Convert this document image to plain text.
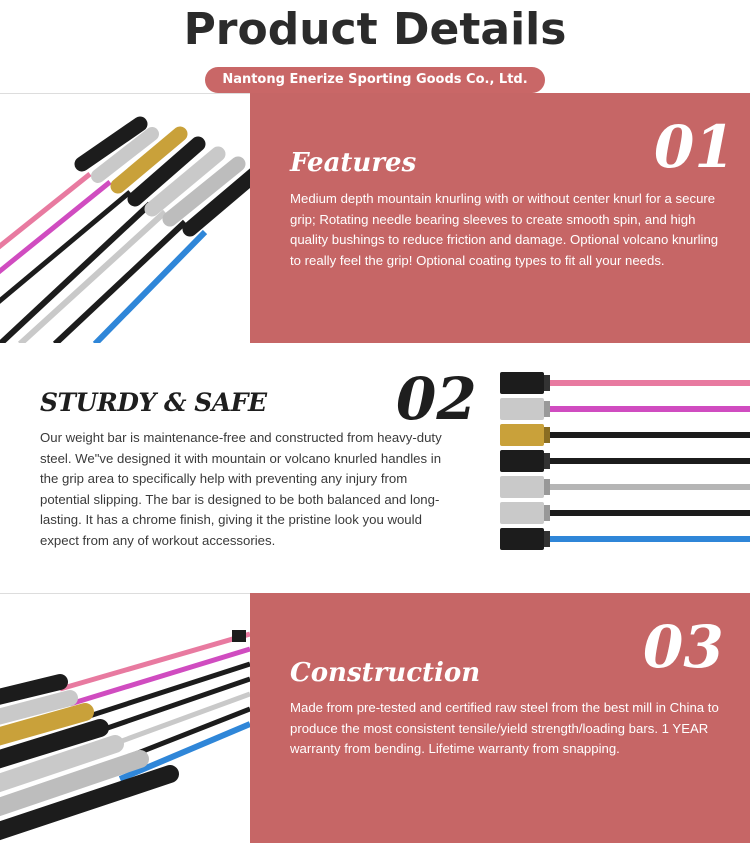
Product Details
Nantong Enerize Sporting Goods Co., Ltd.
01
Features
Medium depth mountain knurling with or without center knurl for a secure grip; Rotating needle bearing sleeves to create smooth spin, and high quality bushings to reduce friction and damage. Optional volcano knurling to really feel the grip! Optional coating types to fit all your needs.
02
STURDY & SAFE
Our weight bar is maintenance-free and constructed from heavy-duty steel. We"ve designed it with mountain or volcano knurled handles in the grip area to specifically help with preventing any injury from potential slipping. The bar is designed to be both balanced and long-lasting. It has a chrome finish, giving it the pristine look you would expect from any of workout accessories.
03
Construction
Made from pre-tested and certified raw steel from the best mill in China to produce the most consistent tensile/yield strength/loading bars. 1 YEAR warranty from bending. Lifetime warranty from snapping.
